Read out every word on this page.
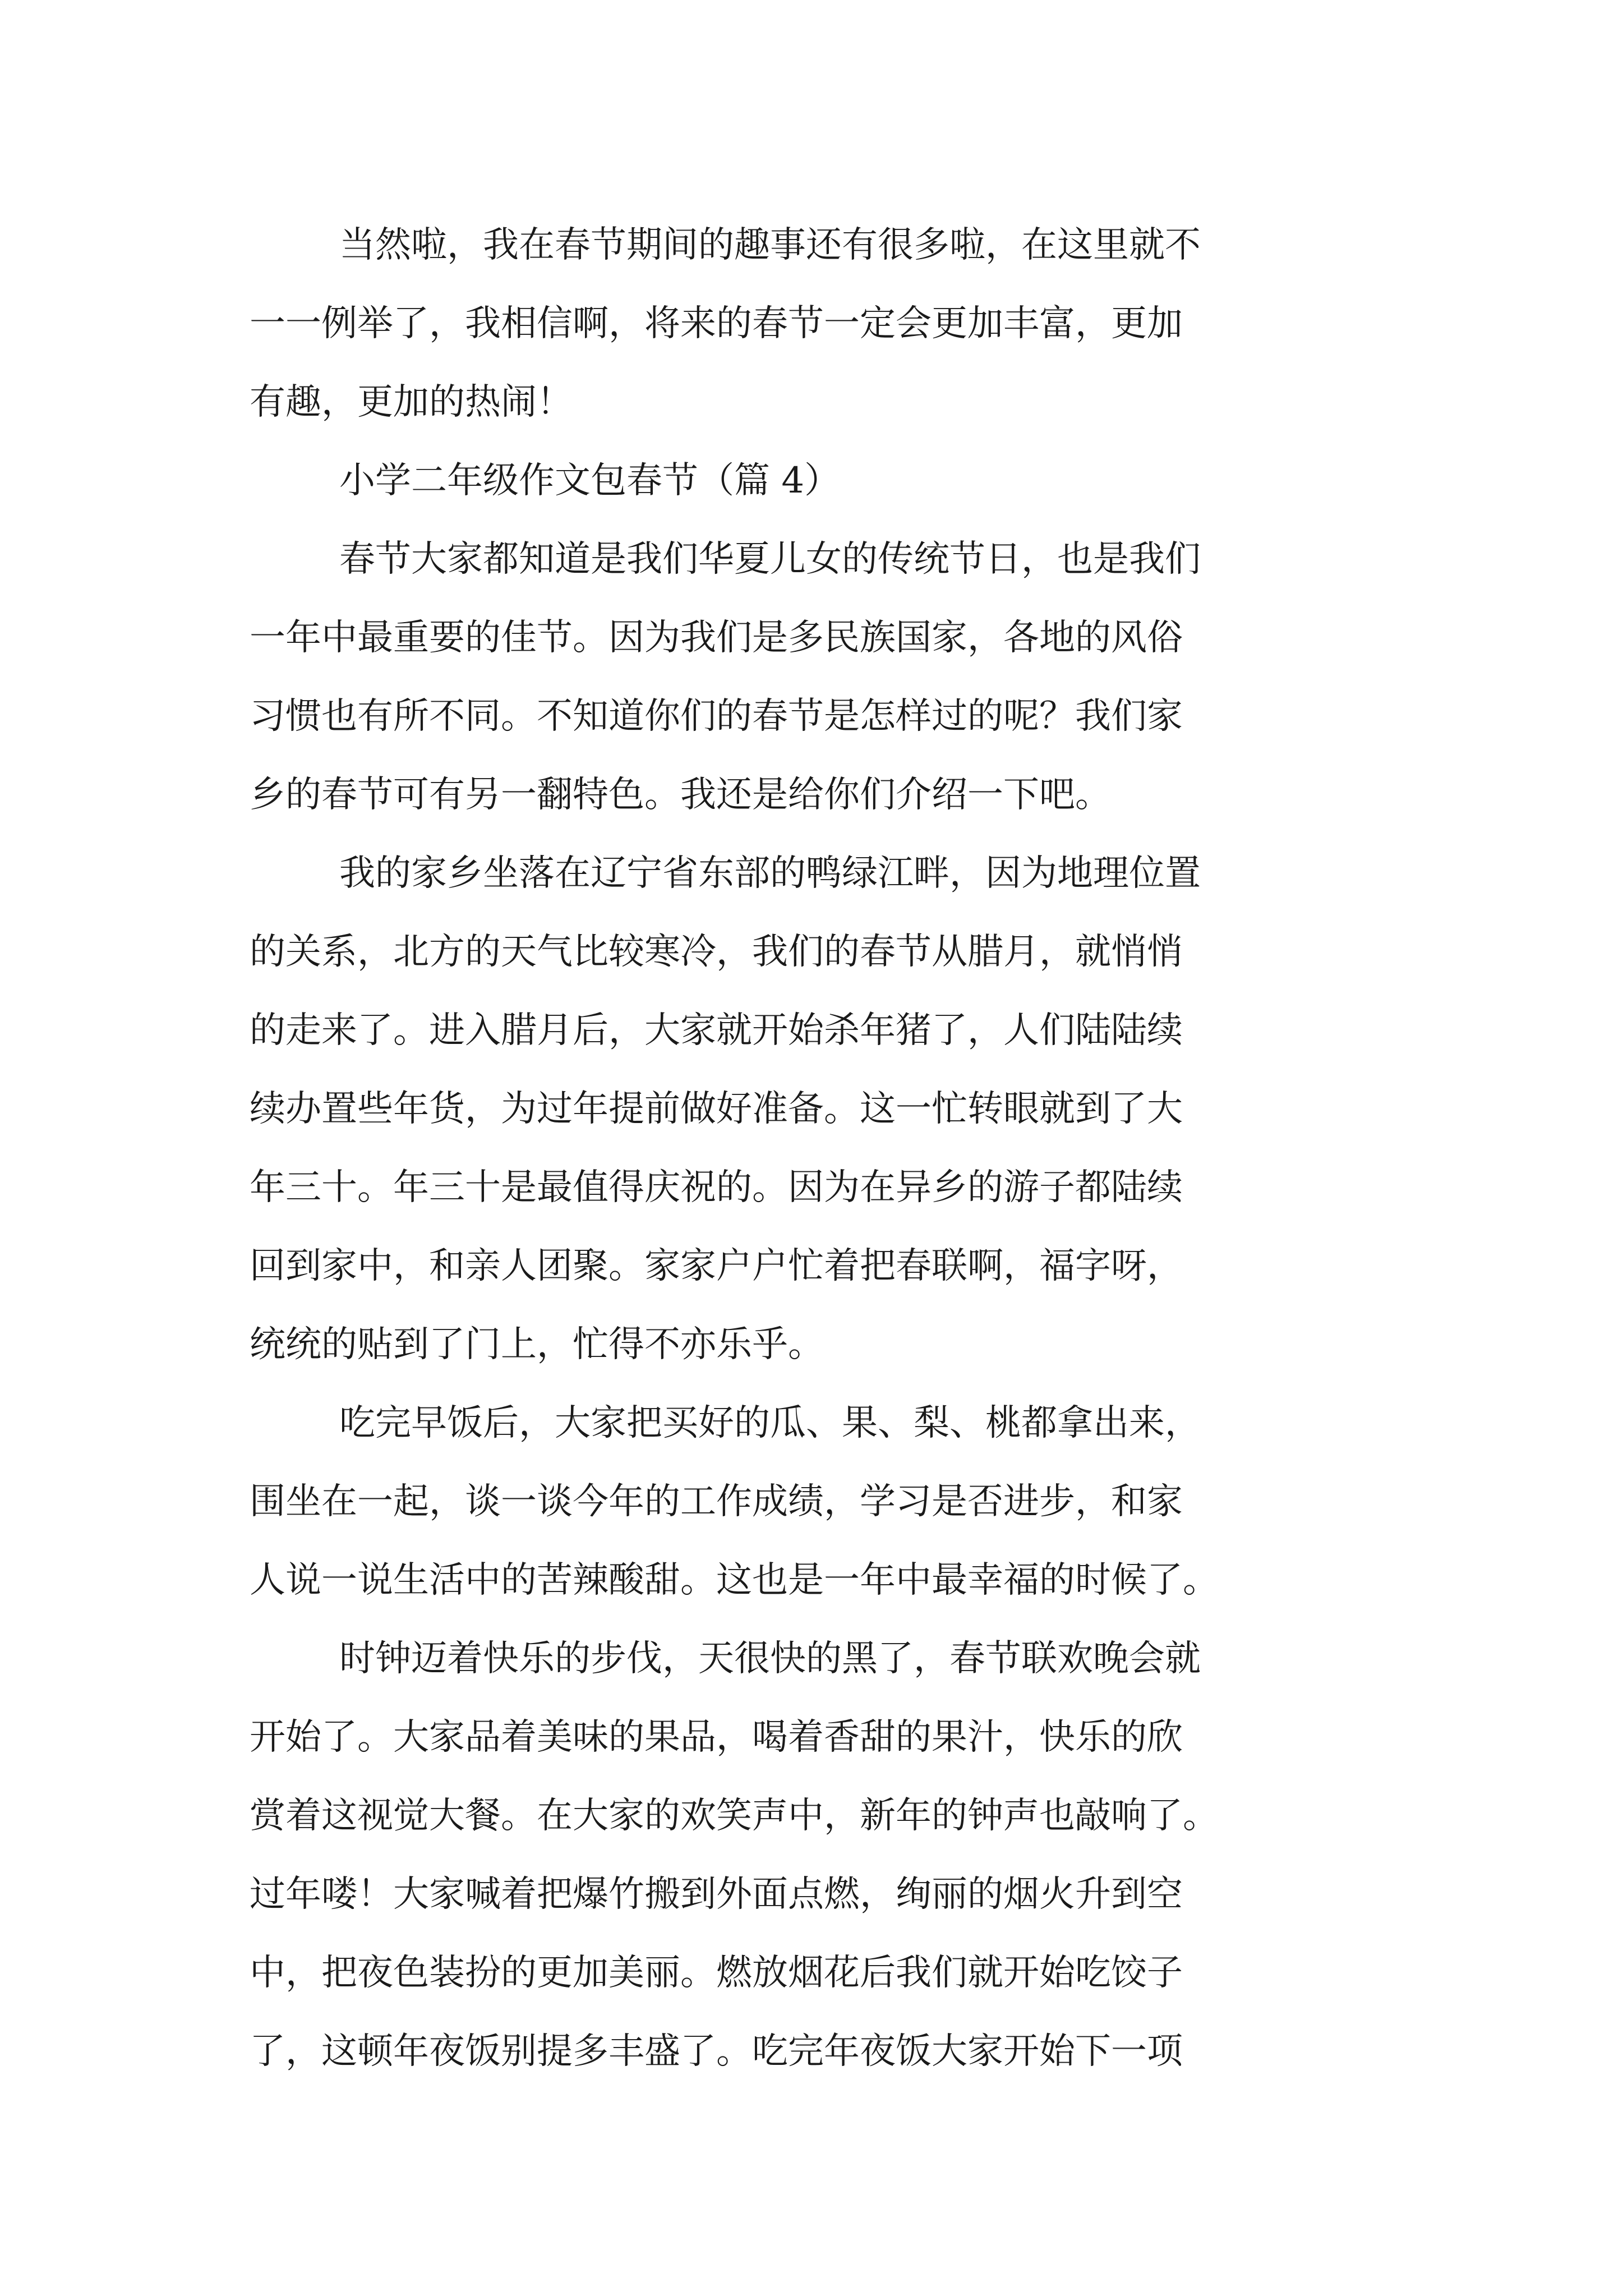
当然啦，我在春节期间的趣事还有很多啦，在这里就不
一一例举了，我相信啊，将来的春节一定会更加丰富，更加
有趣，更加的热闹！
小学二年级作文包春节（篇 4）
春节大家都知道是我们华夏儿女的传统节日，也是我们
一年中最重要的佳节。因为我们是多民族国家，各地的风俗
习惯也有所不同。不知道你们的春节是怎样过的呢？我们家
乡的春节可有另一翻特色。我还是给你们介绍一下吧。
我的家乡坐落在辽宁省东部的鸭绿江畔，因为地理位置
的关系，北方的天气比较寒冷，我们的春节从腊月，就悄悄
的走来了。进入腊月后，大家就开始杀年猪了，人们陆陆续
续办置些年货，为过年提前做好准备。这一忙转眼就到了大
年三十。年三十是最值得庆祝的。因为在异乡的游子都陆续
回到家中，和亲人团聚。家家户户忙着把春联啊，福字呀，
统统的贴到了门上，忙得不亦乐乎。
吃完早饭后，大家把买好的瓜、果、梨、桃都拿出来，
围坐在一起，谈一谈今年的工作成绩，学习是否进步，和家
人说一说生活中的苦辣酸甜。这也是一年中最幸福的时候了。
时钟迈着快乐的步伐，天很快的黑了，春节联欢晚会就
开始了。大家品着美味的果品，喝着香甜的果汁，快乐的欣
赏着这视觉大餐。在大家的欢笑声中，新年的钟声也敲响了。
过年喽！大家喊着把爆竹搬到外面点燃，绚丽的烟火升到空
中，把夜色装扮的更加美丽。燃放烟花后我们就开始吃饺子
了，这顿年夜饭别提多丰盛了。吃完年夜饭大家开始下一项
